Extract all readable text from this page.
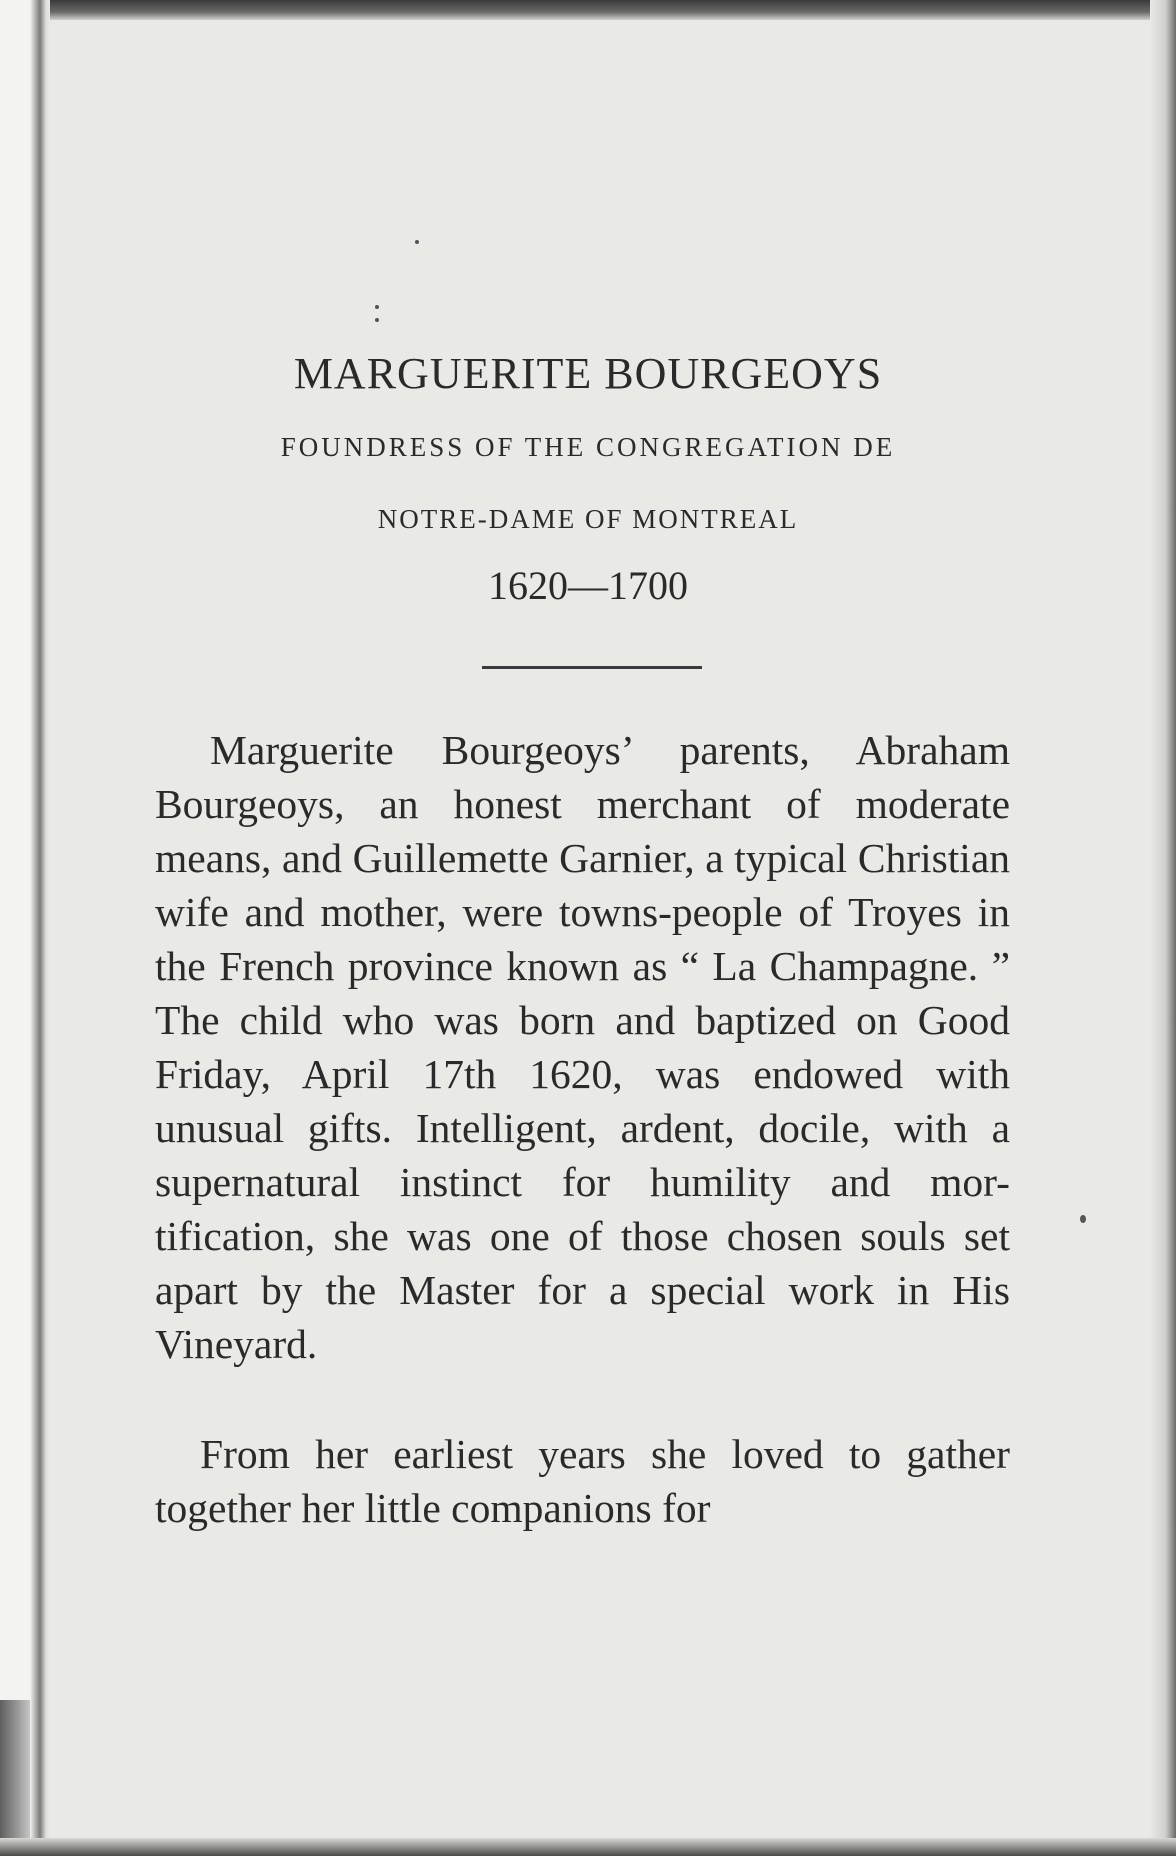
MARGUERITE BOURGEOYS
FOUNDRESS OF THE CONGREGATION DE
NOTRE-DAME OF MONTREAL
1620—1700

Marguerite Bourgeoys’ parents, Abraham Bourgeoys, an honest merchant of moderate means, and Guillemette Garnier, a typical Christian wife and mother, were towns-people of Troyes in the French province known as “ La Champagne. ” The child who was born and baptized on Good Friday, April 17th 1620, was endowed with unusual gifts. Intelligent, ardent, docile, with a supernatural instinct for humility and mor-tification, she was one of those chosen souls set apart by the Master for a special work in His Vineyard.

From her earliest years she loved to gather together her little companions for
